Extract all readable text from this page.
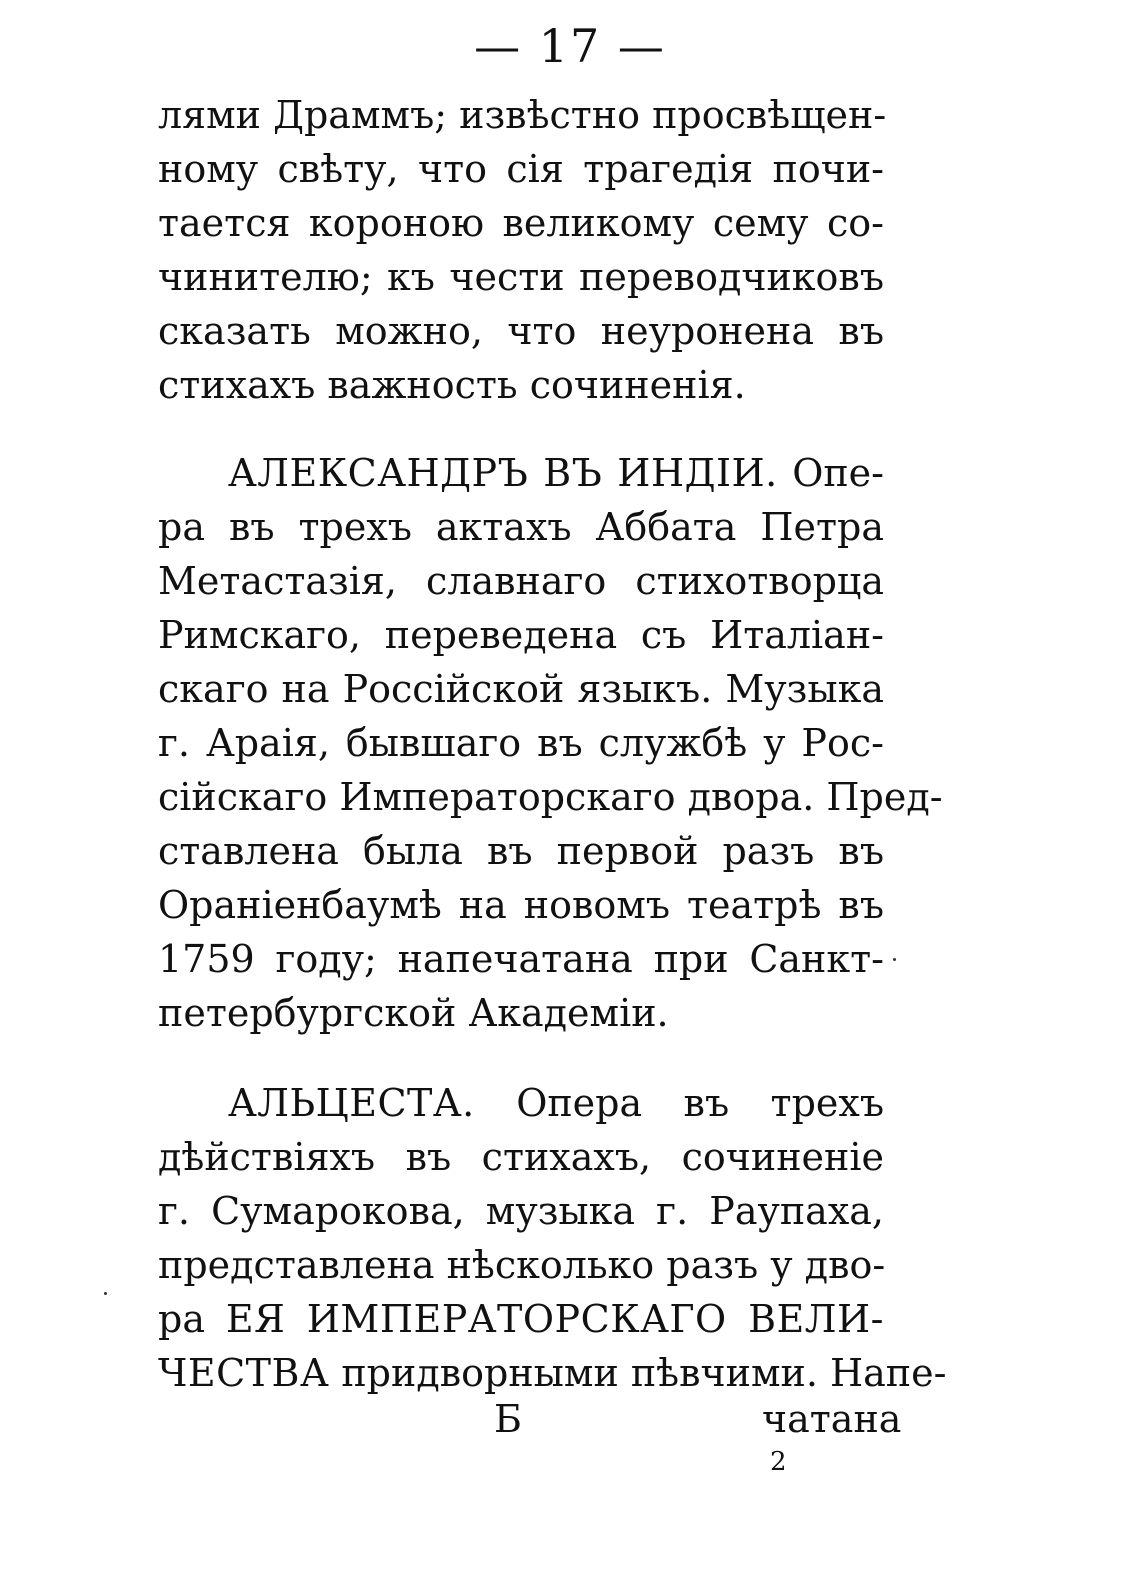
— 17 —
лями Драммъ; извѣстно просвѣщен-
ному свѣту, что сія трагедія почи-
тается короною великому сему со-
чинителю; къ чести переводчиковъ
сказать можно, что неуронена въ
стихахъ важность сочиненія.
АЛЕКСАНДРЪ ВЪ ИНДІИ. Опе-
ра въ трехъ актахъ Аббата Петра
Метастазія, славнаго стихотворца
Римскаго, переведена съ Италіан-
скаго на Россійской языкъ. Музыка
г. Араія, бывшаго въ службѣ у Рос-
сійскаго Императорскаго двора. Пред-
ставлена была въ первой разъ въ
Ораніенбаумѣ на новомъ театрѣ въ
1759 году; напечатана при Санкт-
петербургской Академіи.
АЛЬЦЕСТА. Опера въ трехъ
дѣйствіяхъ въ стихахъ, сочиненіе
г. Сумарокова, музыка г. Раупаха,
представлена нѣсколько разъ у дво-
ра ЕЯ ИМПЕРАТОРСКАГО ВЕЛИ-
ЧЕСТВА придворными пѣвчими. Напе-
Б	чатана
2
